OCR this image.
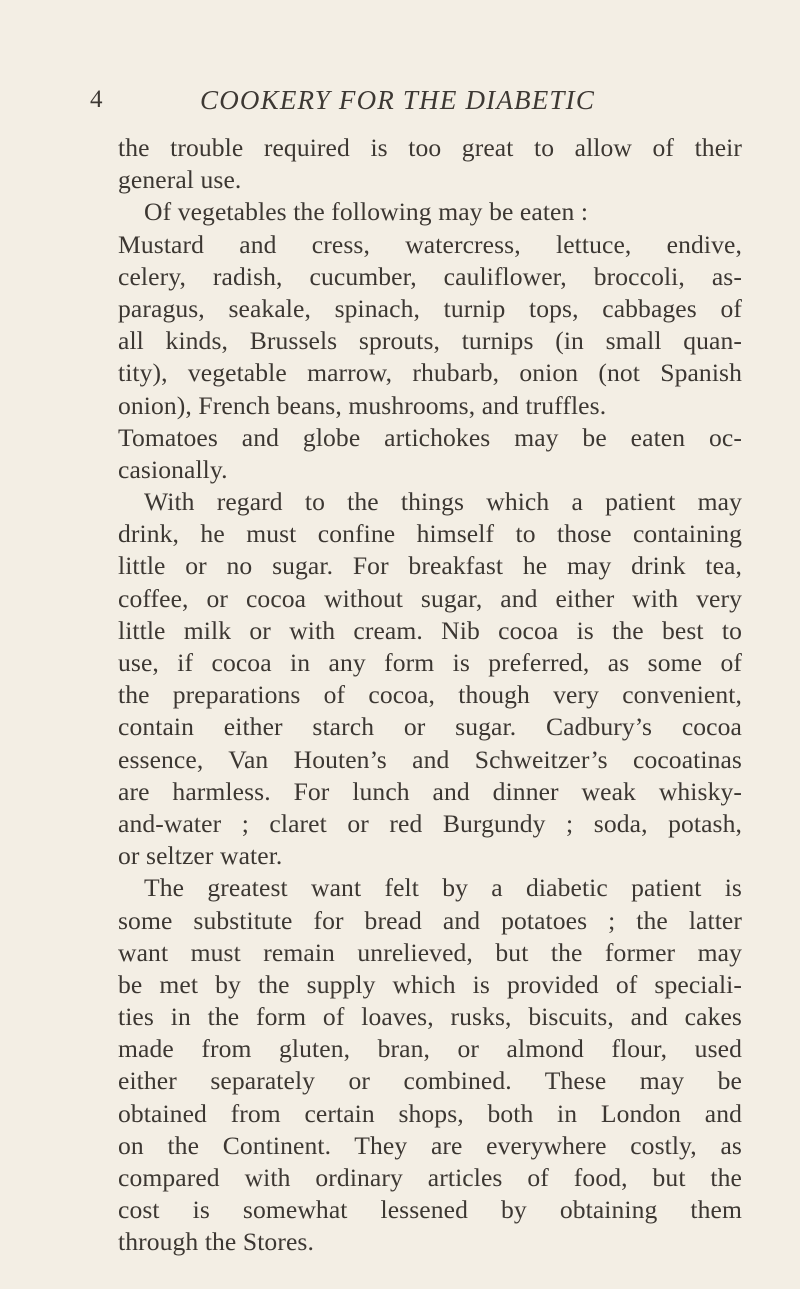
4	COOKERY FOR THE DIABETIC
the trouble required is too great to allow of their
general use.
Of vegetables the following may be eaten :
Mustard and cress, watercress, lettuce, endive,
celery, radish, cucumber, cauliflower, broccoli, as-
paragus, seakale, spinach, turnip tops, cabbages of
all kinds, Brussels sprouts, turnips (in small quan-
tity), vegetable marrow, rhubarb, onion (not Spanish
onion), French beans, mushrooms, and truffles.
Tomatoes and globe artichokes may be eaten oc-
casionally.
With regard to the things which a patient may
drink, he must confine himself to those containing
little or no sugar. For breakfast he may drink tea,
coffee, or cocoa without sugar, and either with very
little milk or with cream. Nib cocoa is the best to
use, if cocoa in any form is preferred, as some of
the preparations of cocoa, though very convenient,
contain either starch or sugar. Cadbury’s cocoa
essence, Van Houten’s and Schweitzer’s cocoatinas
are harmless. For lunch and dinner weak whisky-
and-water ; claret or red Burgundy ; soda, potash,
or seltzer water.
The greatest want felt by a diabetic patient is
some substitute for bread and potatoes ; the latter
want must remain unrelieved, but the former may
be met by the supply which is provided of speciali-
ties in the form of loaves, rusks, biscuits, and cakes
made from gluten, bran, or almond flour, used
either separately or combined. These may be
obtained from certain shops, both in London and
on the Continent. They are everywhere costly, as
compared with ordinary articles of food, but the
cost is somewhat lessened by obtaining them
through the Stores.
